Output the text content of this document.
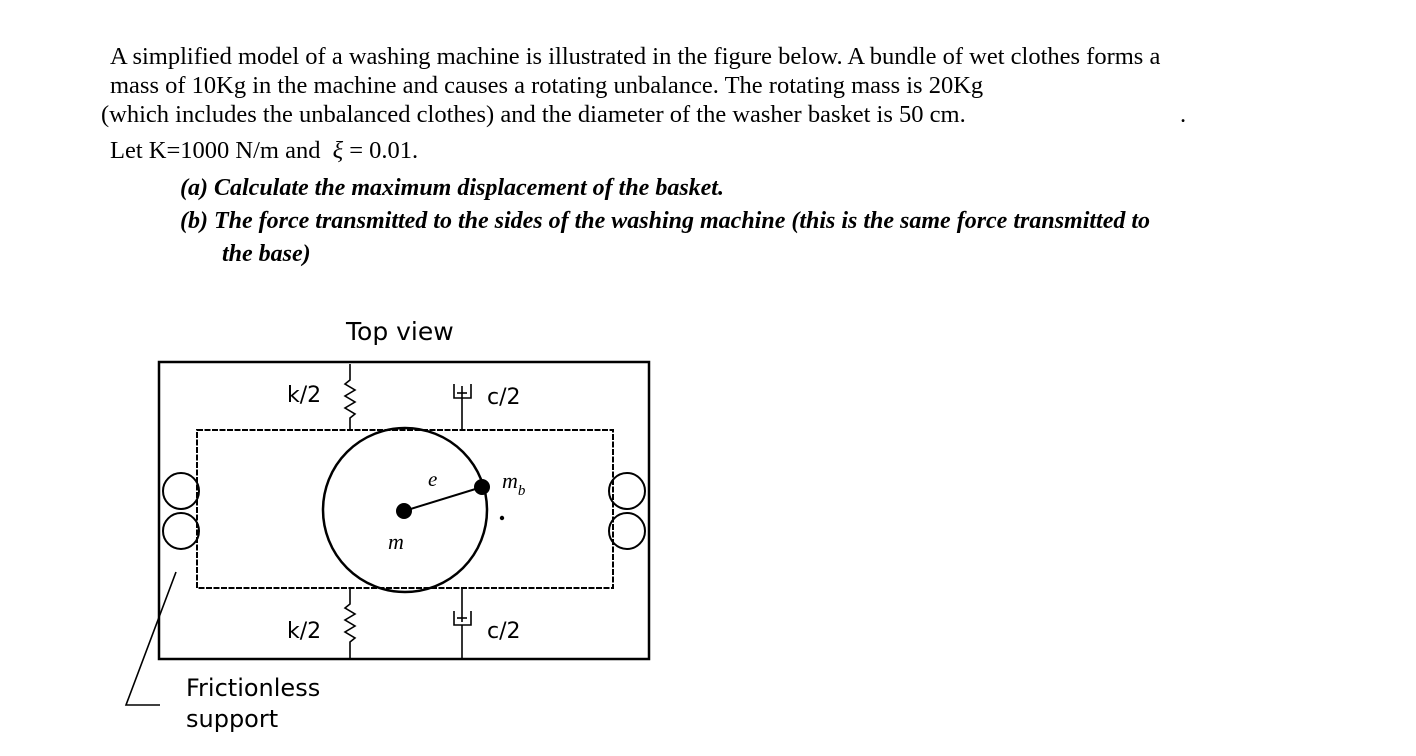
A simplified model of a washing machine is illustrated in the figure below. A bundle of wet clothes forms a
mass of 10Kg in the machine and causes a rotating unbalance. The rotating mass is 20Kg
(which includes the unbalanced clothes) and the diameter of the washer basket is 50 cm.	.
Let K=1000 N/m and ξ = 0.01.
(a) Calculate the maximum displacement of the basket.
(b) The force transmitted to the sides of the washing machine (this is the same force transmitted to
the base)
Top view
k/2
k/2
c/2
c/2
e	$m_b$
m
Frictionless
support
